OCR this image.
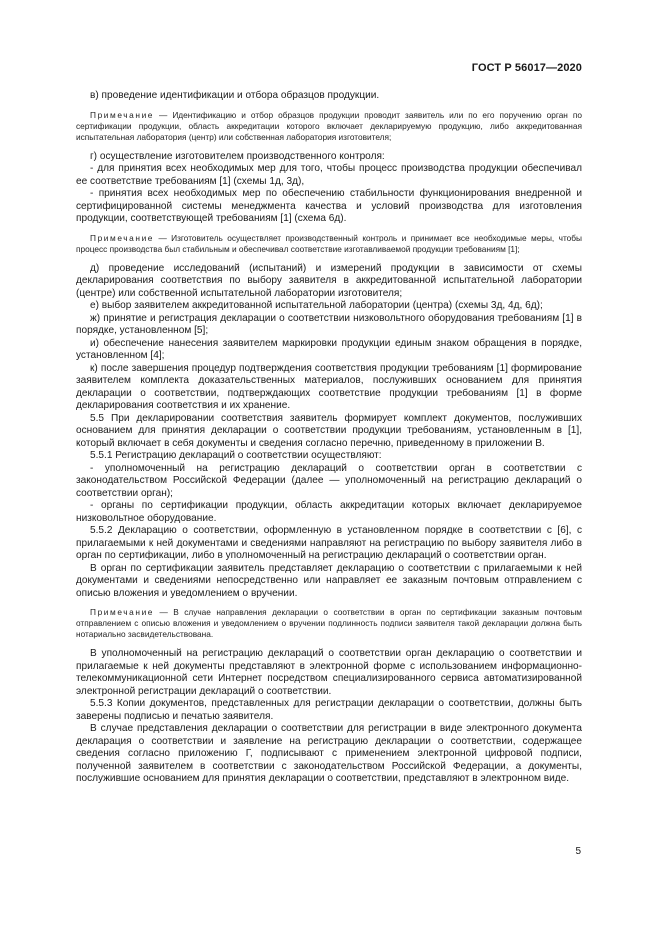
ГОСТ Р 56017—2020

в) проведение идентификации и отбора образцов продукции.

Примечание — Идентификацию и отбор образцов продукции проводит заявитель или по его поручению орган по сертификации продукции, область аккредитации которого включает декларируемую продукцию, либо аккредитованная испытательная лаборатория (центр) или собственная лаборатория изготовителя;

г) осуществление изготовителем производственного контроля:

- для принятия всех необходимых мер для того, чтобы процесс производства продукции обеспечивал ее соответствие требованиям [1] (схемы 1д, 3д),

- принятия всех необходимых мер по обеспечению стабильности функционирования внедренной и сертифицированной системы менеджмента качества и условий производства для изготовления продукции, соответствующей требованиям [1] (схема 6д).

Примечание — Изготовитель осуществляет производственный контроль и принимает все необходимые меры, чтобы процесс производства был стабильным и обеспечивал соответствие изготавливаемой продукции требованиям [1];

д) проведение исследований (испытаний) и измерений продукции в зависимости от схемы декларирования соответствия по выбору заявителя в аккредитованной испытательной лаборатории (центре) или собственной испытательной лаборатории изготовителя;

е) выбор заявителем аккредитованной испытательной лаборатории (центра) (схемы 3д, 4д, 6д);

ж) принятие и регистрация декларации о соответствии низковольтного оборудования требованиям [1] в порядке, установленном [5];

и) обеспечение нанесения заявителем маркировки продукции единым знаком обращения в порядке, установленном [4];

к) после завершения процедур подтверждения соответствия продукции требованиям [1] формирование заявителем комплекта доказательственных материалов, послуживших основанием для принятия декларации о соответствии, подтверждающих соответствие продукции требованиям [1] в форме декларирования соответствия и их хранение.

5.5 При декларировании соответствия заявитель формирует комплект документов, послуживших основанием для принятия декларации о соответствии продукции требованиям, установленным в [1], который включает в себя документы и сведения согласно перечню, приведенному в приложении В.

5.5.1 Регистрацию деклараций о соответствии осуществляют:

- уполномоченный на регистрацию деклараций о соответствии орган в соответствии с законодательством Российской Федерации (далее — уполномоченный на регистрацию деклараций о соответствии орган);

- органы по сертификации продукции, область аккредитации которых включает декларируемое низковольтное оборудование.

5.5.2 Декларацию о соответствии, оформленную в установленном порядке в соответствии с [6], с прилагаемыми к ней документами и сведениями направляют на регистрацию по выбору заявителя либо в орган по сертификации, либо в уполномоченный на регистрацию деклараций о соответствии орган.

В орган по сертификации заявитель представляет декларацию о соответствии с прилагаемыми к ней документами и сведениями непосредственно или направляет ее заказным почтовым отправлением с описью вложения и уведомлением о вручении.

Примечание — В случае направления декларации о соответствии в орган по сертификации заказным почтовым отправлением с описью вложения и уведомлением о вручении подлинность подписи заявителя такой декларации должна быть нотариально засвидетельствована.

В уполномоченный на регистрацию деклараций о соответствии орган декларацию о соответствии и прилагаемые к ней документы представляют в электронной форме с использованием информационно-телекоммуникационной сети Интернет посредством специализированного сервиса автоматизированной электронной регистрации деклараций о соответствии.

5.5.3 Копии документов, представленных для регистрации декларации о соответствии, должны быть заверены подписью и печатью заявителя.

В случае представления декларации о соответствии для регистрации в виде электронного документа декларация о соответствии и заявление на регистрацию декларации о соответствии, содержащее сведения согласно приложению Г, подписывают с применением электронной цифровой подписи, полученной заявителем в соответствии с законодательством Российской Федерации, а документы, послужившие основанием для принятия декларации о соответствии, представляют в электронном виде.

5
